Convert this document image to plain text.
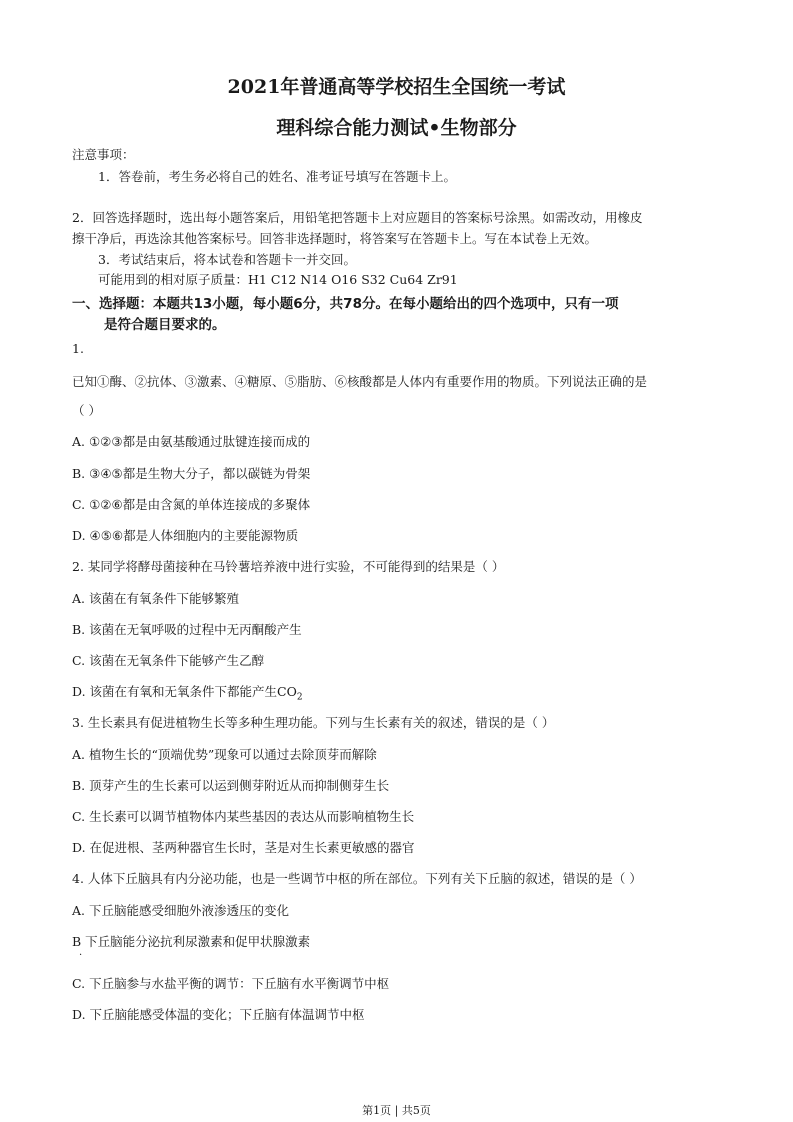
2021年普通高等学校招生全国统一考试
理科综合能力测试•生物部分
注意事项：
1．答卷前，考生务必将自己的姓名、准考证号填写在答题卡上。
2．回答选择题时，选出每小题答案后，用铅笔把答题卡上对应题目的答案标号涂黑。如需改动，用橡皮
擦干净后，再选涂其他答案标号。回答非选择题时，将答案写在答题卡上。写在本试卷上无效。
3．考试结束后，将本试卷和答题卡一并交回。
可能用到的相对原子质量：H1 C12 N14 O16 S32 Cu64 Zr91
一、选择题：本题共13小题，每小题6分，共78分。在每小题给出的四个选项中，只有一项
是符合题目要求的。
1.
已知①酶、②抗体、③激素、④糖原、⑤脂肪、⑥核酸都是人体内有重要作用的物质。下列说法正确的是
（ ）
A. ①②③都是由氨基酸通过肽键连接而成的
B. ③④⑤都是生物大分子，都以碳链为骨架
C. ①②⑥都是由含氮的单体连接成的多聚体
D. ④⑤⑥都是人体细胞内的主要能源物质
2. 某同学将酵母菌接种在马铃薯培养液中进行实验，不可能得到的结果是（ ）
A. 该菌在有氧条件下能够繁殖
B. 该菌在无氧呼吸的过程中无丙酮酸产生
C. 该菌在无氧条件下能够产生乙醇
D. 该菌在有氧和无氧条件下都能产生$CO_2$
3. 生长素具有促进植物生长等多种生理功能。下列与生长素有关的叙述，错误的是（ ）
A. 植物生长的“顶端优势”现象可以通过去除顶芽而解除
B. 顶芽产生的生长素可以运到侧芽附近从而抑制侧芽生长
C. 生长素可以调节植物体内某些基因的表达从而影响植物生长
D. 在促进根、茎两种器官生长时，茎是对生长素更敏感的器官
4. 人体下丘脑具有内分泌功能，也是一些调节中枢的所在部位。下列有关下丘脑的叙述，错误的是（ ）
A. 下丘脑能感受细胞外液渗透压的变化
B 下丘脑能分泌抗利尿激素和促甲状腺激素
.
C. 下丘脑参与水盐平衡的调节：下丘脑有水平衡调节中枢
D. 下丘脑能感受体温的变化；下丘脑有体温调节中枢
第1页 | 共5页
